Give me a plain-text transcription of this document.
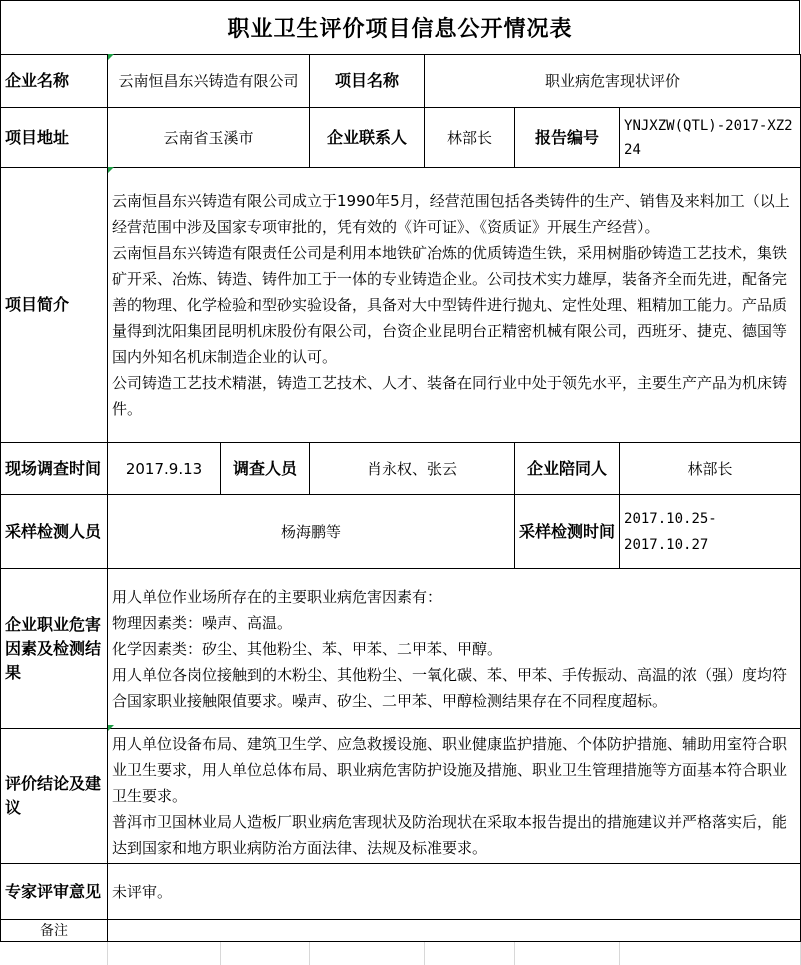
职业卫生评价项目信息公开情况表
企业名称	云南恒昌东兴铸造有限公司		项目名称	职业病危害现状评价		
项目地址	云南省玉溪市		企业联系人	林部长	报告编号	YNJXZW(QTL)-2017-XZ224
项目简介	云南恒昌东兴铸造有限公司成立于1990年5月，经营范围包括各类铸件的生产、销售及来料加工（以上经营范围中涉及国家专项审批的，凭有效的《许可证》、《资质证》开展生产经营）。

云南恒昌东兴铸造有限责任公司是利用本地铁矿冶炼的优质铸造生铁，采用树脂砂铸造工艺技术，集铁矿开采、冶炼、铸造、铸件加工于一体的专业铸造企业。公司技术实力雄厚，装备齐全而先进，配备完善的物理、化学检验和型砂实验设备，具备对大中型铸件进行抛丸、定性处理、粗精加工能力。产品质量得到沈阳集团昆明机床股份有限公司，台资企业昆明台正精密机械有限公司，西班牙、捷克、德国等国内外知名机床制造企业的认可。

公司铸造工艺技术精湛，铸造工艺技术、人才、装备在同行业中处于领先水平，主要生产产品为机床铸件。					

现场调查时间	2017.9.13	调查人员	肖永权、张云		企业陪同人	林部长
采样检测人员	杨海鹏等				采样检测时间	2017.10.25-2017.10.27
企业职业危害因素及检测结果	用人单位作业场所存在的主要职业病危害因素有：

物理因素类：噪声、高温。

化学因素类：矽尘、其他粉尘、苯、甲苯、二甲苯、甲醇。

用人单位各岗位接触到的木粉尘、其他粉尘、一氧化碳、苯、甲苯、手传振动、高温的浓（强）度均符合国家职业接触限值要求。噪声、矽尘、二甲苯、甲醇检测结果存在不同程度超标。					

评价结论及建议	用人单位设备布局、建筑卫生学、应急救援设施、职业健康监护措施、个体防护措施、辅助用室符合职业卫生要求，用人单位总体布局、职业病危害防护设施及措施、职业卫生管理措施等方面基本符合职业卫生要求。

普洱市卫国林业局人造板厂职业病危害现状及防治现状在采取本报告提出的措施建议并严格落实后，能达到国家和地方职业病防治方面法律、法规及标准要求。					

专家评审意见	未评审。					
备注						
